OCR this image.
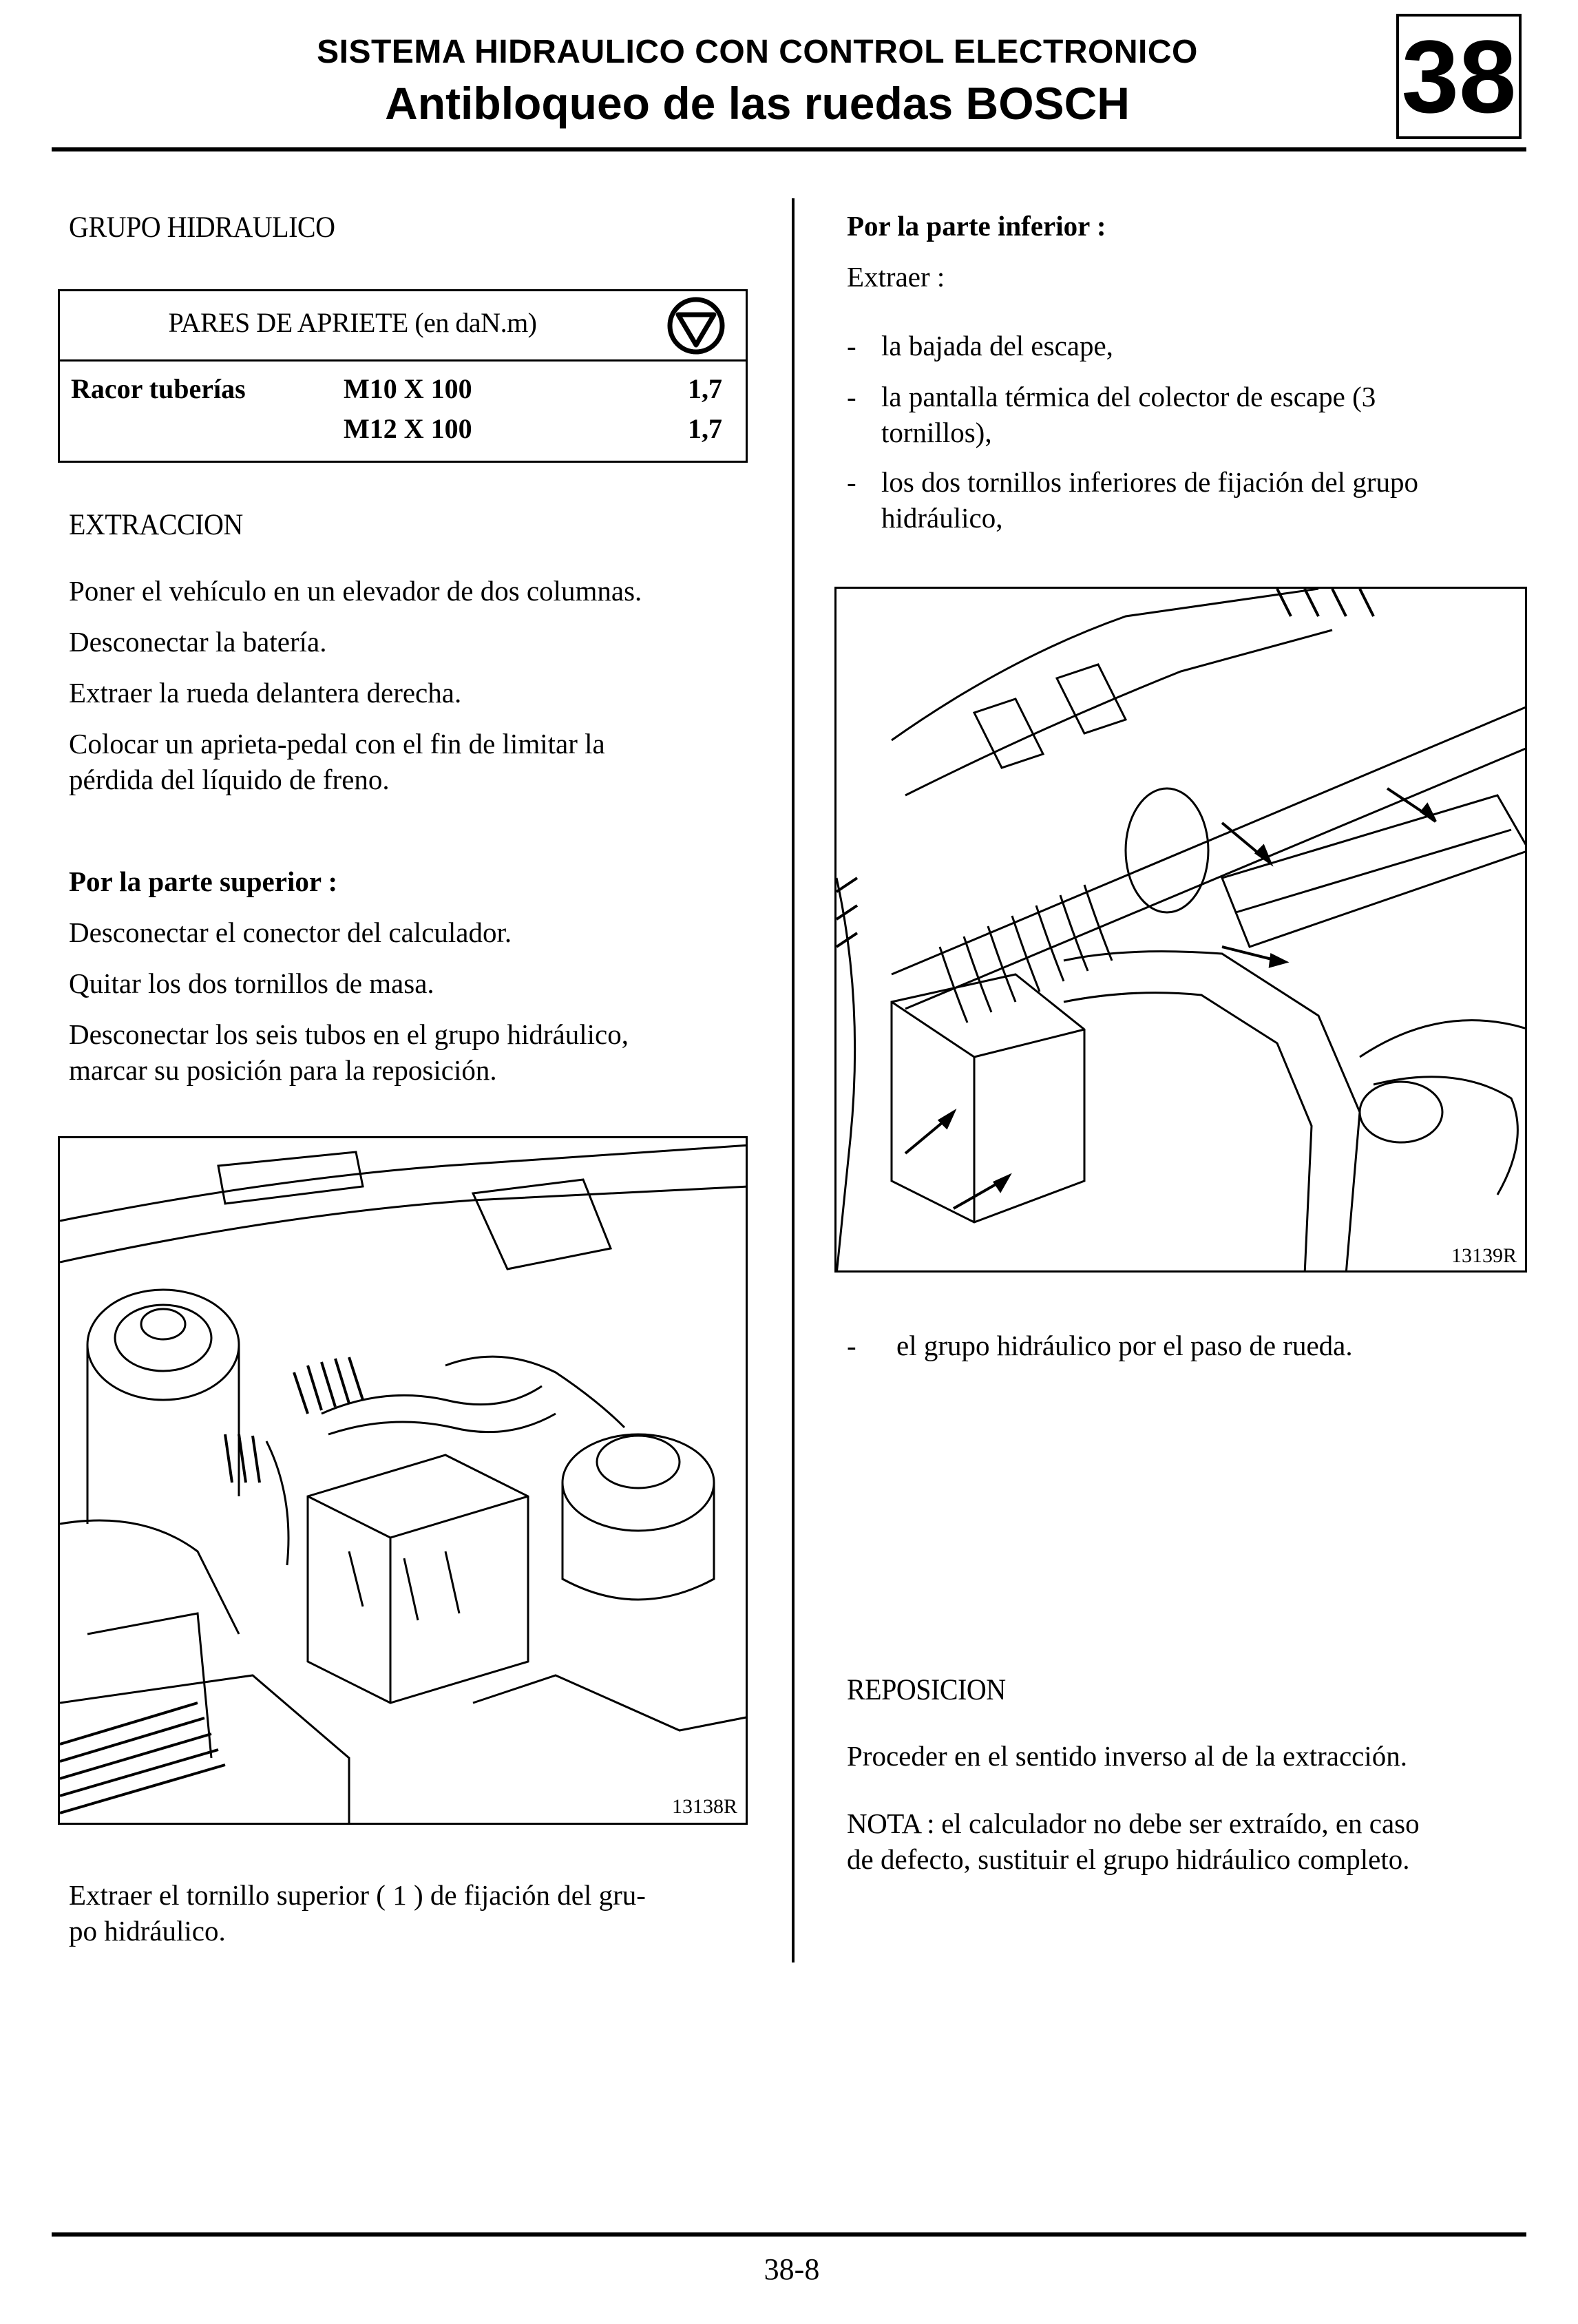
SISTEMA HIDRAULICO CON CONTROL ELECTRONICO
Antibloqueo de las ruedas BOSCH	38
GRUPO HIDRAULICO
PARES DE APRIETE (en daN.m)
Racor tuberías	M10 X 100	1,7
M12 X 100	1,7
EXTRACCION
Poner el vehículo en un elevador de dos columnas.
Desconectar la batería.
Extraer la rueda delantera derecha.
Colocar un aprieta-pedal con el fin de limitar la
pérdida del líquido de freno.
Por la parte superior :
Desconectar el conector del calculador.
Quitar los dos tornillos de masa.
Desconectar los seis tubos en el grupo hidráulico,
marcar su posición para la reposición.
13138R
Extraer el tornillo superior ( 1 ) de fijación del gru-
po hidráulico.
Por la parte inferior :
Extraer :
- la bajada del escape,
- la pantalla térmica del colector de escape (3
tornillos),
- los dos tornillos inferiores de fijación del grupo
hidráulico,
13139R
- el grupo hidráulico por el paso de rueda.
REPOSICION
Proceder en el sentido inverso al de la extracción.
NOTA : el calculador no debe ser extraído, en caso
de defecto, sustituir el grupo hidráulico completo.
38-8
